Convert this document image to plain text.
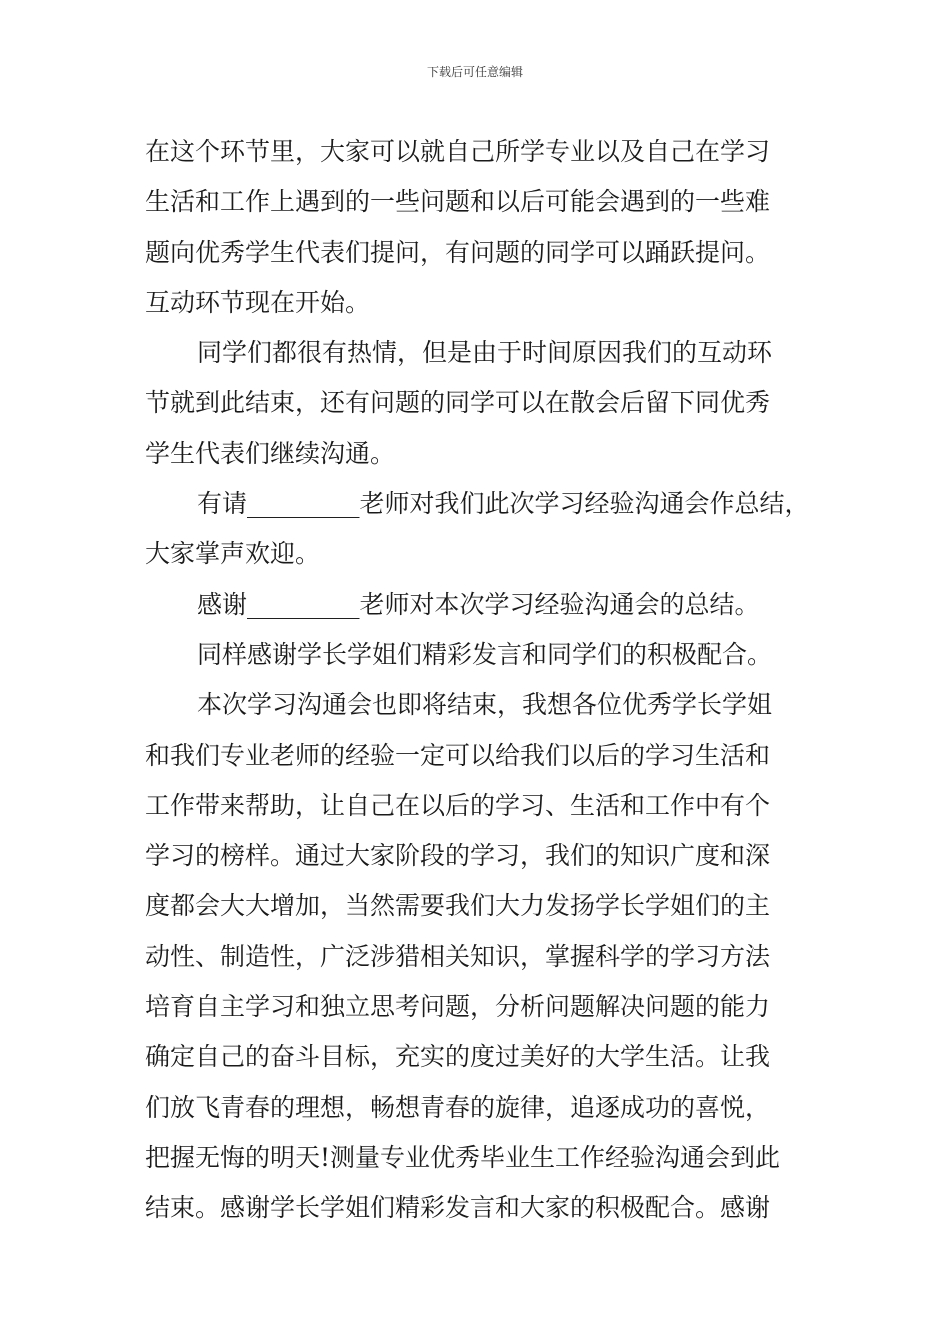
下载后可任意编辑
在这个环节里，大家可以就自己所学专业以及自己在学习
生活和工作上遇到的一些问题和以后可能会遇到的一些难
题向优秀学生代表们提问，有问题的同学可以踊跃提问。
互动环节现在开始。
同学们都很有热情，但是由于时间原因我们的互动环
节就到此结束，还有问题的同学可以在散会后留下同优秀
学生代表们继续沟通。
有请_________老师对我们此次学习经验沟通会作总结，
大家掌声欢迎。
感谢_________老师对本次学习经验沟通会的总结。
同样感谢学长学姐们精彩发言和同学们的积极配合。
本次学习沟通会也即将结束，我想各位优秀学长学姐
和我们专业老师的经验一定可以给我们以后的学习生活和
工作带来帮助，让自己在以后的学习、生活和工作中有个
学习的榜样。通过大家阶段的学习，我们的知识广度和深
度都会大大增加，当然需要我们大力发扬学长学姐们的主
动性、制造性，广泛涉猎相关知识，掌握科学的学习方法
培育自主学习和独立思考问题，分析问题解决问题的能力
确定自己的奋斗目标，充实的度过美好的大学生活。让我
们放飞青春的理想，畅想青春的旋律，追逐成功的喜悦，
把握无悔的明天!测量专业优秀毕业生工作经验沟通会到此
结束。感谢学长学姐们精彩发言和大家的积极配合。感谢
